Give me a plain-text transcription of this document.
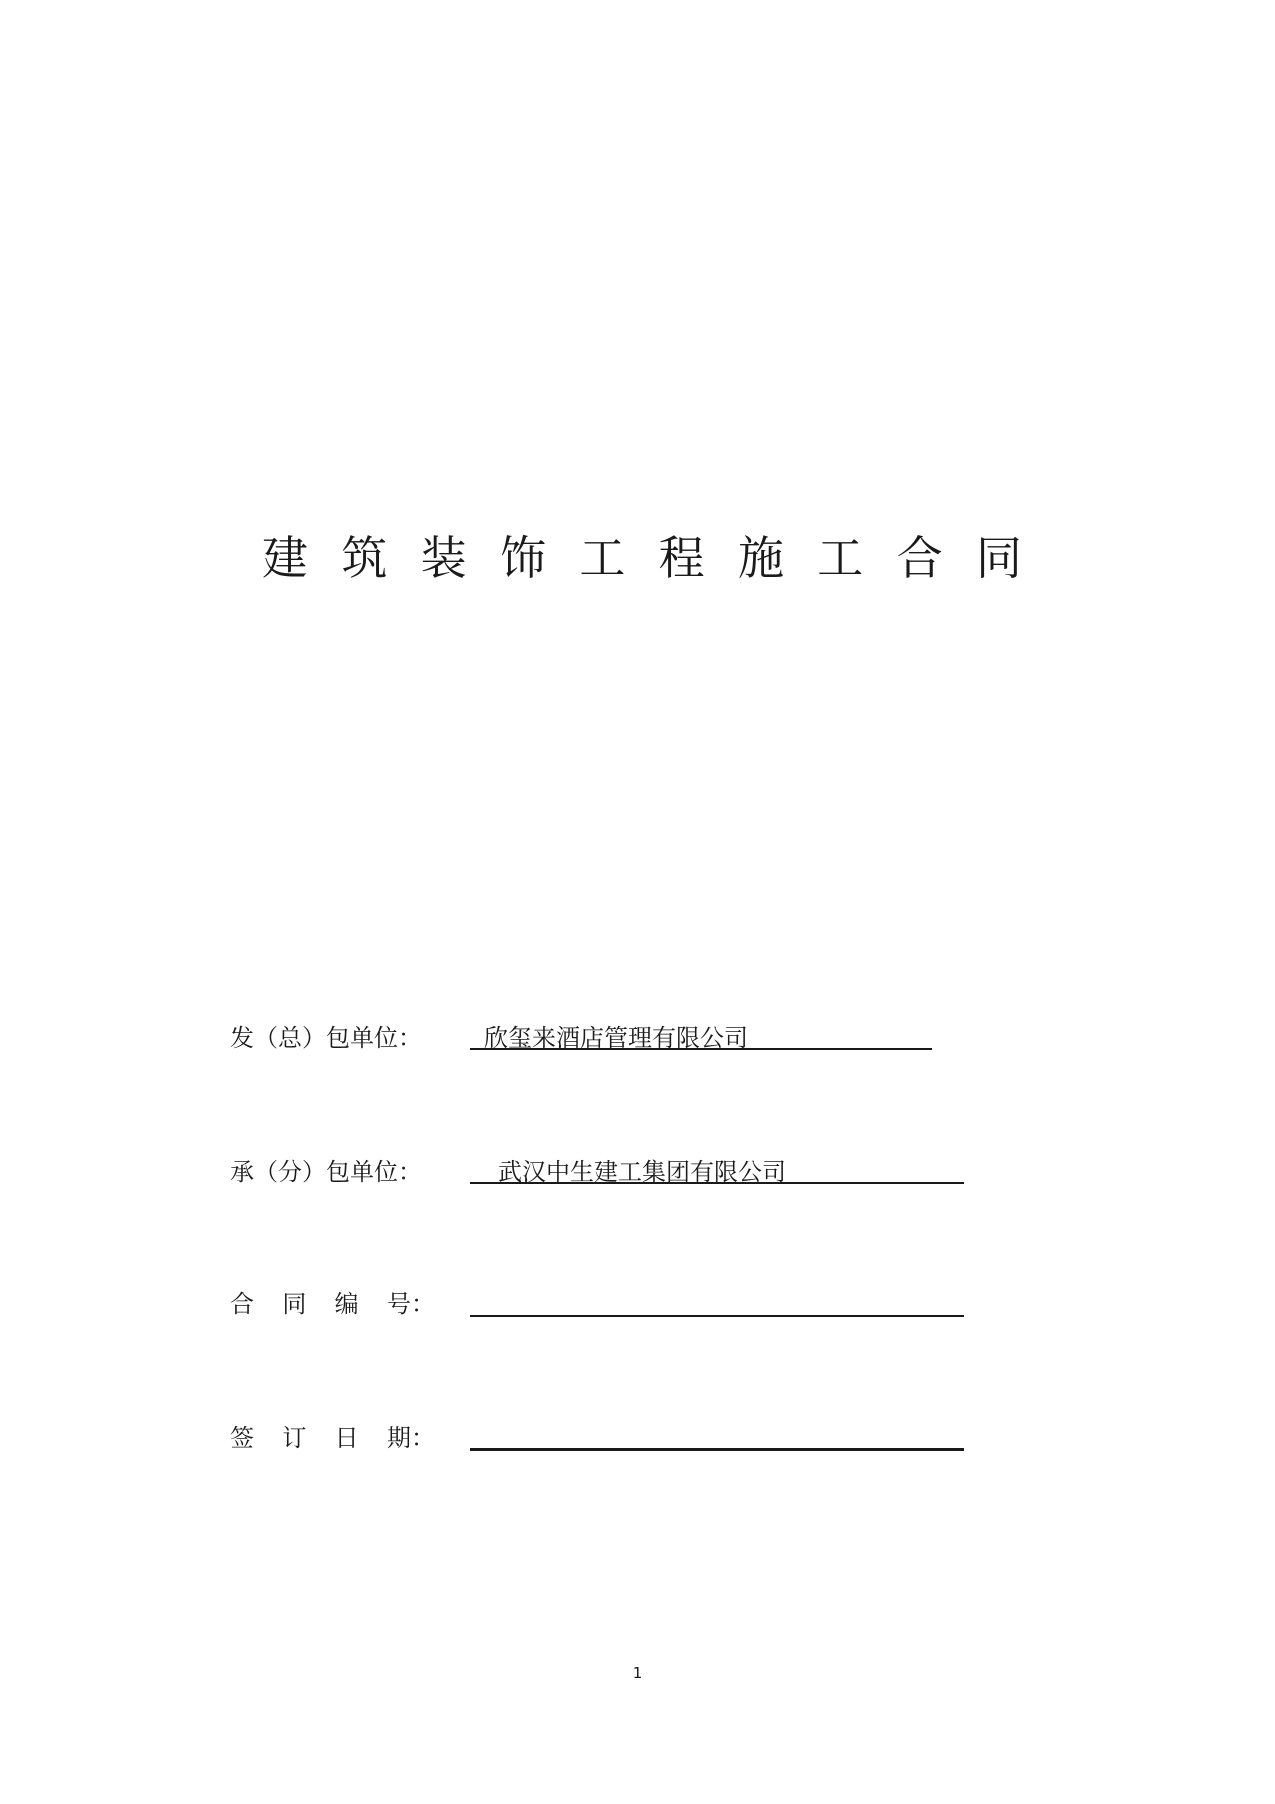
建 筑 装 饰 工 程 施 工 合 同
发（总）包单位：	欣玺来酒店管理有限公司
承（分）包单位：	武汉中生建工集团有限公司
合 同 编 号：
签 订 日 期：
1
